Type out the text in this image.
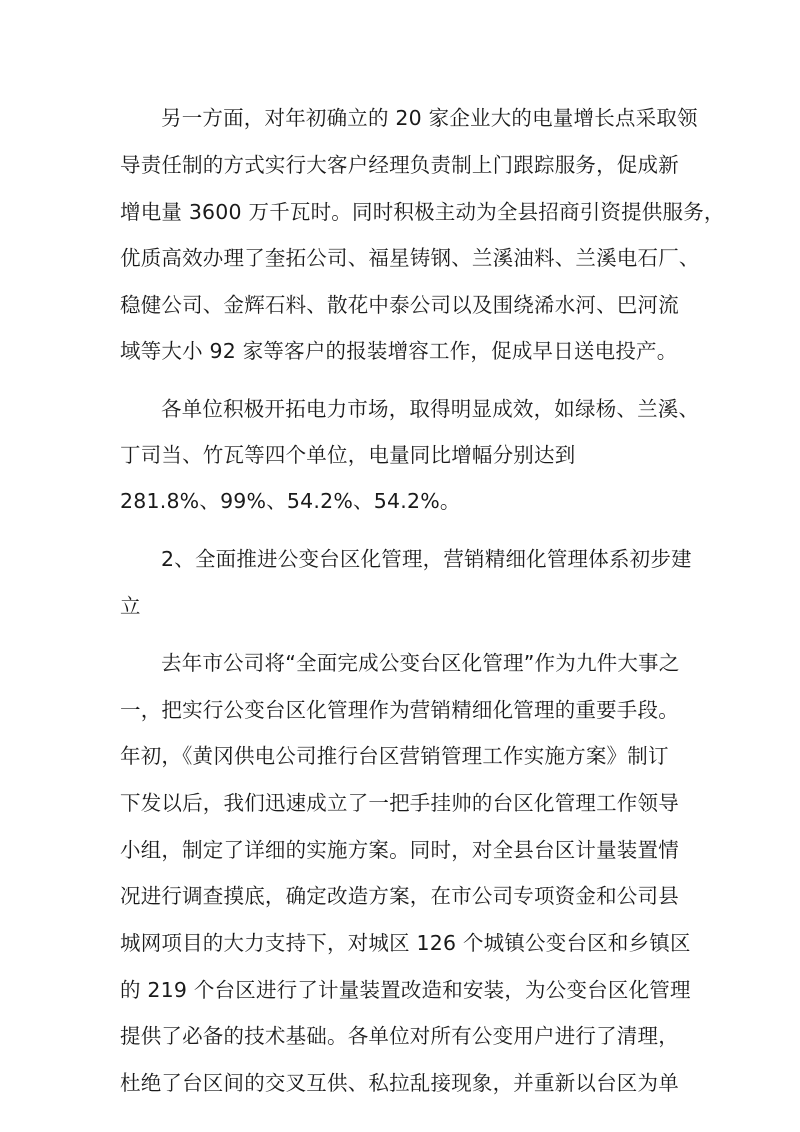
另一方面，对年初确立的 20 家企业大的电量增长点采取领
导责任制的方式实行大客户经理负责制上门跟踪服务，促成新
增电量 3600 万千瓦时。同时积极主动为全县招商引资提供服务，
优质高效办理了奎拓公司、福星铸钢、兰溪油料、兰溪电石厂、
稳健公司、金辉石料、散花中泰公司以及围绕浠水河、巴河流
域等大小 92 家等客户的报装增容工作，促成早日送电投产。
各单位积极开拓电力市场，取得明显成效，如绿杨、兰溪、
丁司当、竹瓦等四个单位，电量同比增幅分别达到
281.8%、99%、54.2%、54.2%。
2、全面推进公变台区化管理，营销精细化管理体系初步建
立
去年市公司将“全面完成公变台区化管理”作为九件大事之
一，把实行公变台区化管理作为营销精细化管理的重要手段。
年初，《黄冈供电公司推行台区营销管理工作实施方案》制订
下发以后，我们迅速成立了一把手挂帅的台区化管理工作领导
小组，制定了详细的实施方案。同时，对全县台区计量装置情
况进行调查摸底，确定改造方案，在市公司专项资金和公司县
城网项目的大力支持下，对城区 126 个城镇公变台区和乡镇区
的 219 个台区进行了计量装置改造和安装，为公变台区化管理
提供了必备的技术基础。各单位对所有公变用户进行了清理，
杜绝了台区间的交叉互供、私拉乱接现象，并重新以台区为单
